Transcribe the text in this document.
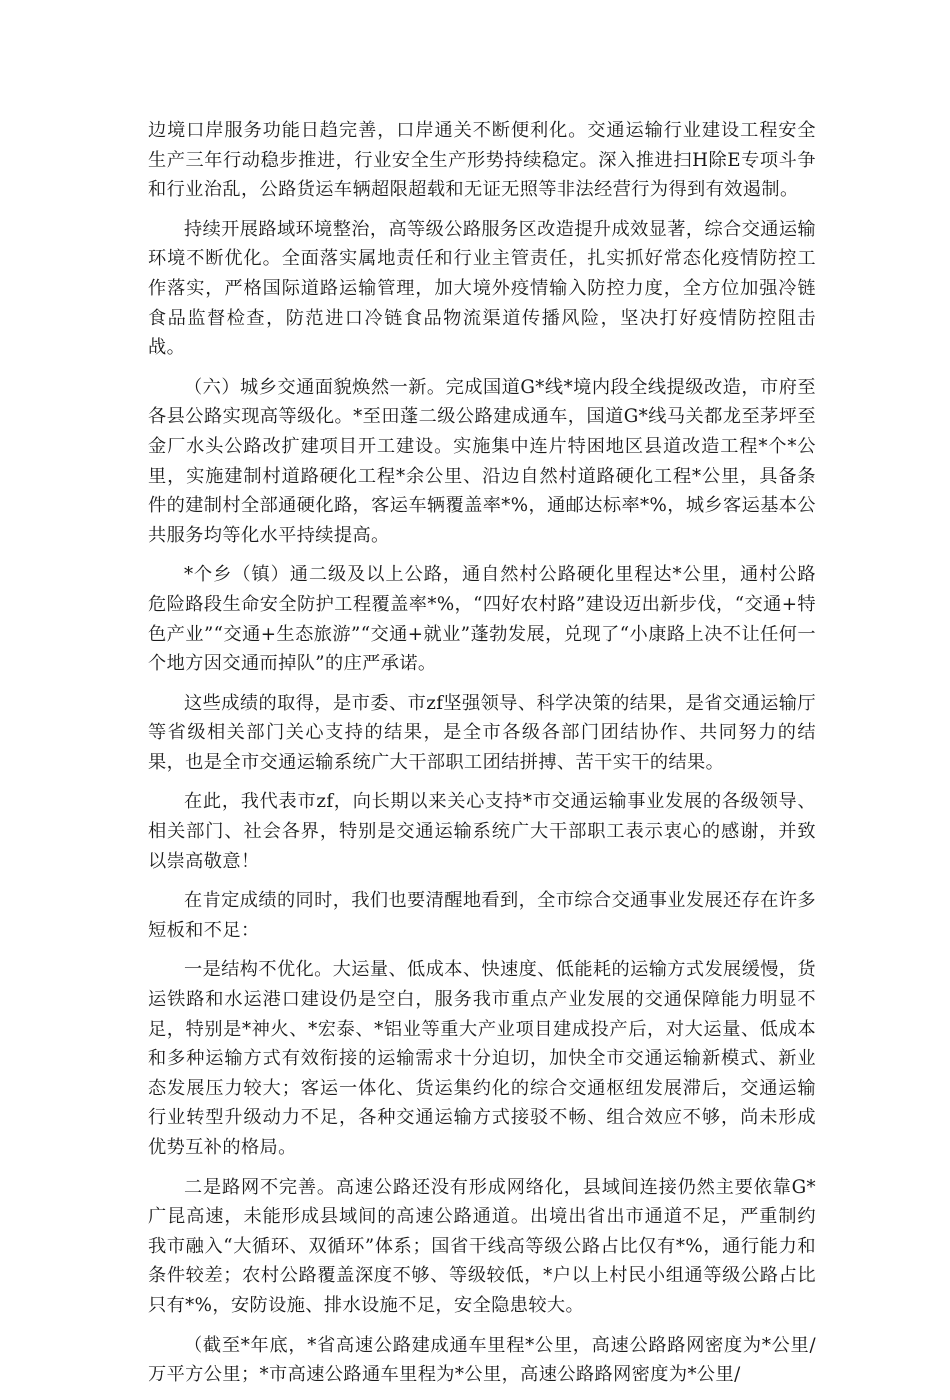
边境口岸服务功能日趋完善，口岸通关不断便利化。交通运输行业建设工程安全生产三年行动稳步推进，行业安全生产形势持续稳定。深入推进扫H除E专项斗争和行业治乱，公路货运车辆超限超载和无证无照等非法经营行为得到有效遏制。

持续开展路域环境整治，高等级公路服务区改造提升成效显著，综合交通运输环境不断优化。全面落实属地责任和行业主管责任，扎实抓好常态化疫情防控工作落实，严格国际道路运输管理，加大境外疫情输入防控力度，全方位加强冷链食品监督检查，防范进口冷链食品物流渠道传播风险，坚决打好疫情防控阻击战。

（六）城乡交通面貌焕然一新。完成国道G*线*境内段全线提级改造，市府至各县公路实现高等级化。*至田蓬二级公路建成通车，国道G*线马关都龙至茅坪至金厂水头公路改扩建项目开工建设。实施集中连片特困地区县道改造工程*个*公里，实施建制村道路硬化工程*余公里、沿边自然村道路硬化工程*公里，具备条件的建制村全部通硬化路，客运车辆覆盖率*%，通邮达标率*%，城乡客运基本公共服务均等化水平持续提高。

*个乡（镇）通二级及以上公路，通自然村公路硬化里程达*公里，通村公路危险路段生命安全防护工程覆盖率*%，“四好农村路”建设迈出新步伐，“交通+特色产业”“交通+生态旅游”“交通+就业”蓬勃发展，兑现了“小康路上决不让任何一个地方因交通而掉队”的庄严承诺。

这些成绩的取得，是市委、市zf坚强领导、科学决策的结果，是省交通运输厅等省级相关部门关心支持的结果，是全市各级各部门团结协作、共同努力的结果，也是全市交通运输系统广大干部职工团结拼搏、苦干实干的结果。

在此，我代表市zf，向长期以来关心支持*市交通运输事业发展的各级领导、相关部门、社会各界，特别是交通运输系统广大干部职工表示衷心的感谢，并致以崇高敬意！

在肯定成绩的同时，我们也要清醒地看到，全市综合交通事业发展还存在许多短板和不足：

一是结构不优化。大运量、低成本、快速度、低能耗的运输方式发展缓慢，货运铁路和水运港口建设仍是空白，服务我市重点产业发展的交通保障能力明显不足，特别是*神火、*宏泰、*铝业等重大产业项目建成投产后，对大运量、低成本和多种运输方式有效衔接的运输需求十分迫切，加快全市交通运输新模式、新业态发展压力较大；客运一体化、货运集约化的综合交通枢纽发展滞后，交通运输行业转型升级动力不足，各种交通运输方式接驳不畅、组合效应不够，尚未形成优势互补的格局。

二是路网不完善。高速公路还没有形成网络化，县域间连接仍然主要依靠G*广昆高速，未能形成县域间的高速公路通道。出境出省出市通道不足，严重制约我市融入“大循环、双循环”体系；国省干线高等级公路占比仅有*%，通行能力和条件较差；农村公路覆盖深度不够、等级较低，*户以上村民小组通等级公路占比只有*%，安防设施、排水设施不足，安全隐患较大。

（截至*年底，*省高速公路建成通车里程*公里，高速公路路网密度为*公里/万平方公里；*市高速公路通车里程为*公里，高速公路路网密度为*公里/
